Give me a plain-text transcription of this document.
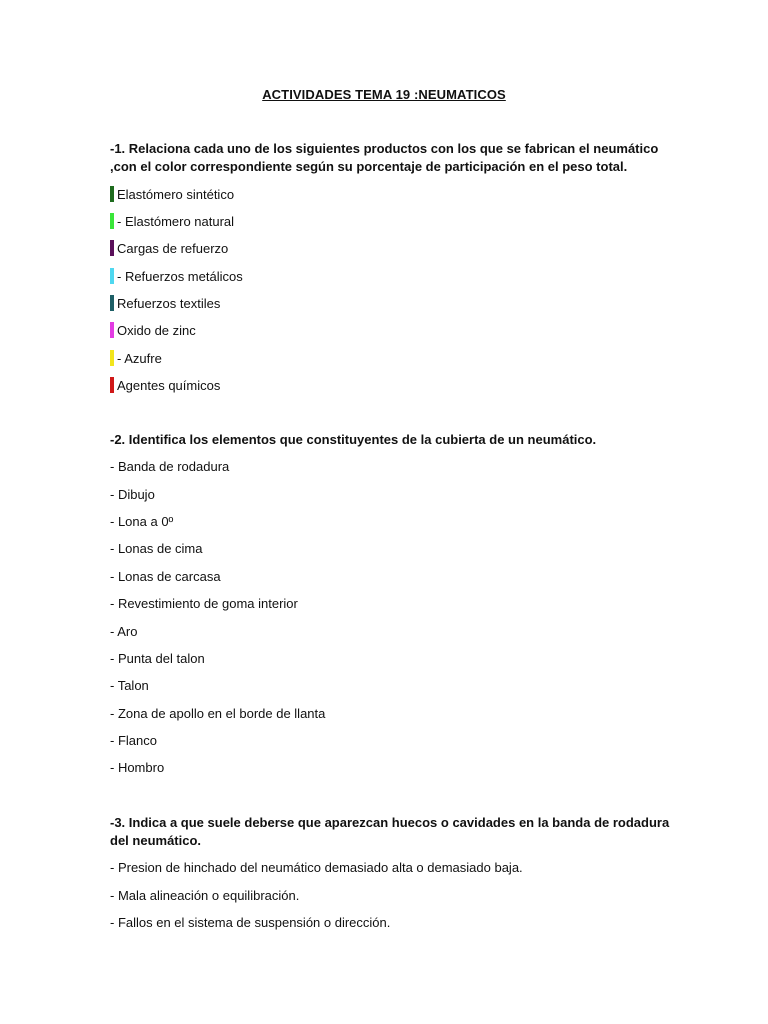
ACTIVIDADES TEMA 19 :NEUMATICOS
-1. Relaciona cada uno de los siguientes productos con los que se fabrican el neumático ,con el color correspondiente según su porcentaje de participación en el peso total.
Elastómero sintético
- Elastómero natural
Cargas de refuerzo
- Refuerzos metálicos
Refuerzos textiles
Oxido de zinc
- Azufre
Agentes químicos
-2. Identifica los elementos que constituyentes de la cubierta de un neumático.
- Banda de rodadura
- Dibujo
- Lona a 0º
- Lonas de cima
- Lonas de carcasa
- Revestimiento de goma interior
- Aro
- Punta del talon
- Talon
- Zona de apollo en el borde de llanta
- Flanco
- Hombro
-3. Indica a que suele deberse que aparezcan huecos o cavidades en la banda de rodadura del neumático.
- Presion de hinchado del neumático demasiado alta o demasiado baja.
- Mala alineación o equilibración.
- Fallos en el sistema de suspensión o dirección.
